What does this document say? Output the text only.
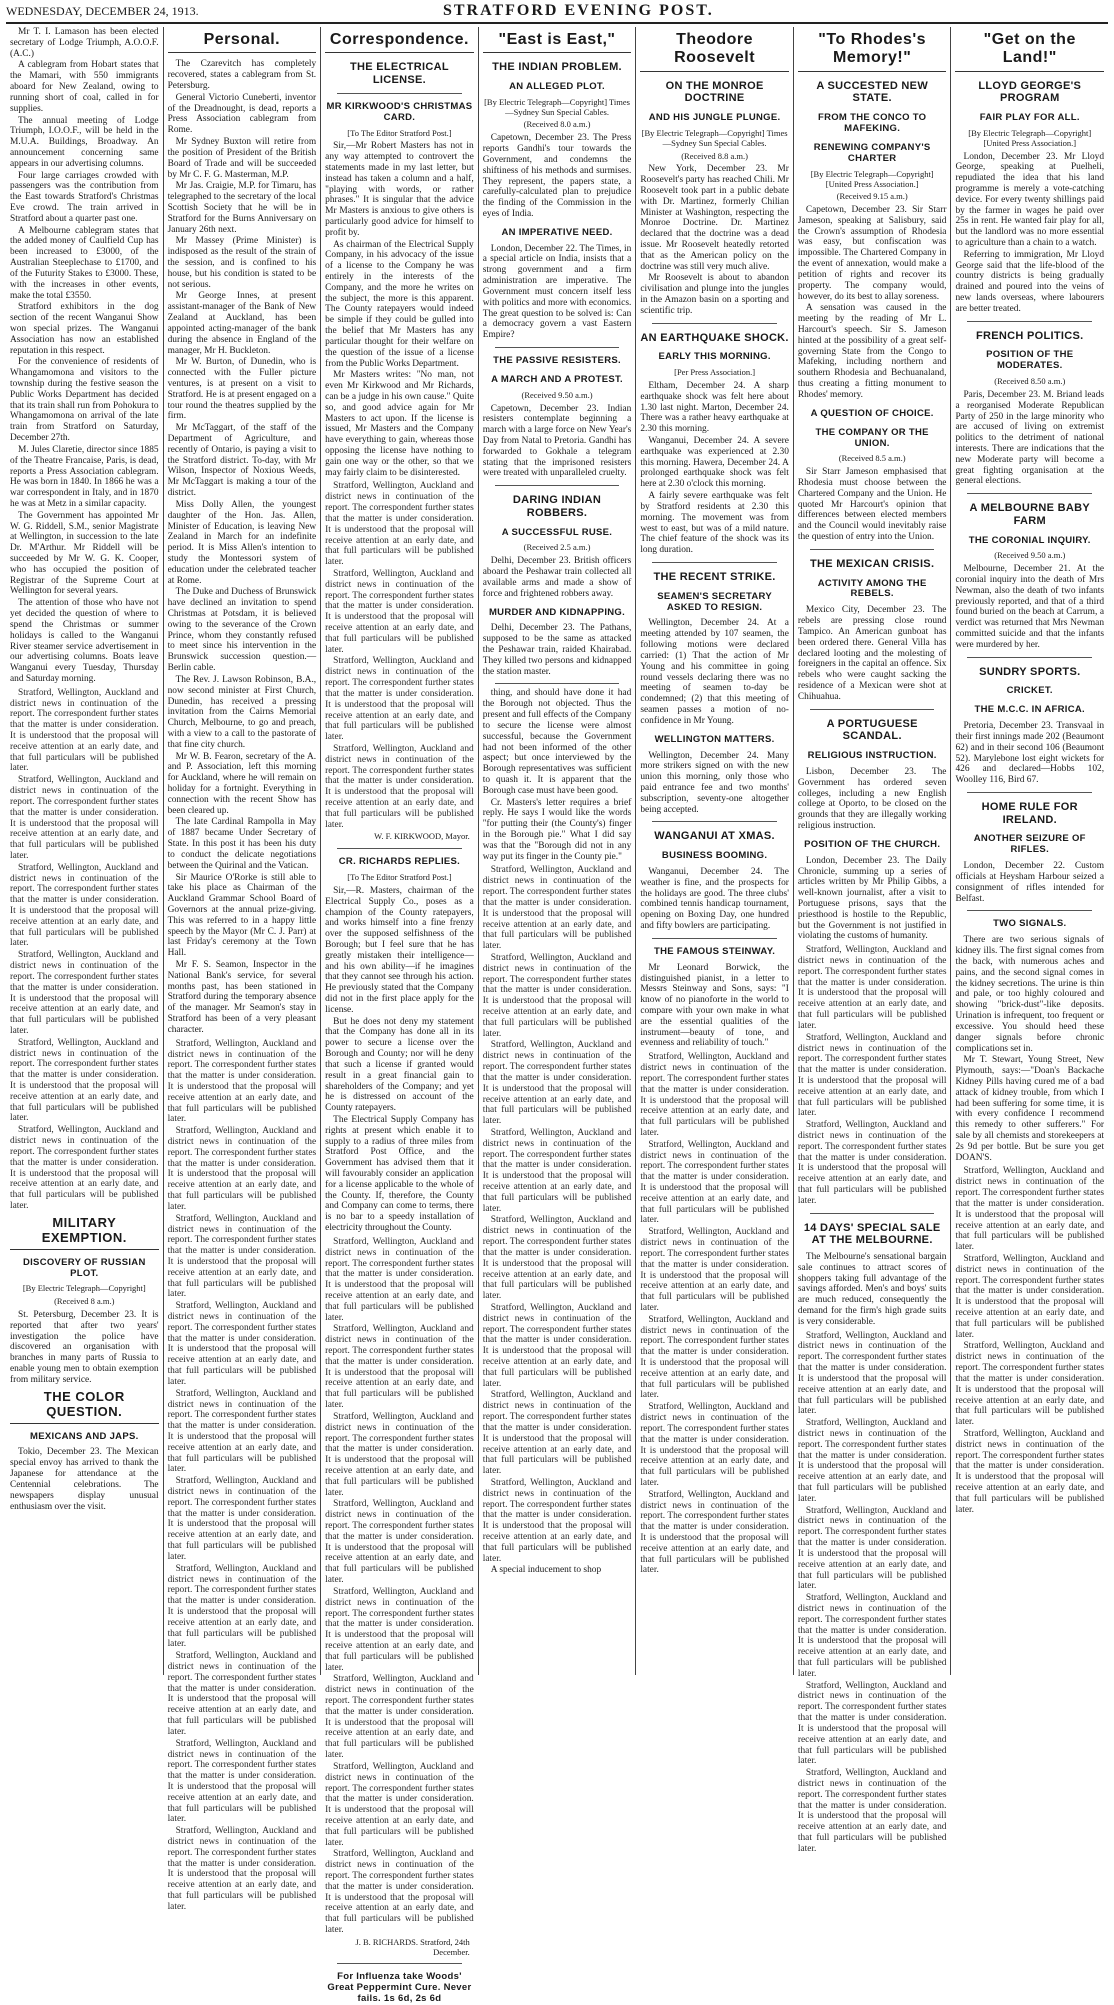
WEDNESDAY, DECEMBER 24, 1913.	STRATFORD EVENING POST.

Mr T. I. Lamason has been elected secretary of Lodge Triumph, A.O.O.F. (A.C.)

A cablegram from Hobart states that the Mamari, with 550 immigrants aboard for New Zealand, owing to running short of coal, called in for supplies.

The annual meeting of Lodge Triumph, I.O.O.F., will be held in the M.U.A. Buildings, Broadway. An announcement concerning same appears in our advertising columns.

Four large carriages crowded with passengers was the contribution from the East towards Stratford's Christmas Eve crowd. The train arrived in Stratford about a quarter past one.

A Melbourne cablegram states that the added money of Caulfield Cup has been increased to £3000, of the Australian Steeplechase to £1700, and of the Futurity Stakes to £3000. These, with the increases in other events, make the total £3550.

Stratford exhibitors in the dog section of the recent Wanganui Show won special prizes. The Wanganui Association has now an established reputation in this respect.

For the convenience of residents of Whangamomona and visitors to the township during the festive season the Public Works Department has decided that its train shall run from Pohokura to Whangamomona on arrival of the late train from Stratford on Saturday, December 27th.

M. Jules Claretie, director since 1885 of the Theatre Francaise, Paris, is dead, reports a Press Association cablegram. He was born in 1840. In 1866 he was a war correspondent in Italy, and in 1870 he was at Metz in a similar capacity.

The Government has appointed Mr W. G. Riddell, S.M., senior Magistrate at Wellington, in succession to the late Dr. M'Arthur. Mr Riddell will be succeeded by Mr W. G. K. Cooper, who has occupied the position of Registrar of the Supreme Court at Wellington for several years.

The attention of those who have not yet decided the question of where to spend the Christmas or summer holidays is called to the Wanganui River steamer service advertisement in our advertising columns. Boats leave Wanganui every Tuesday, Thursday and Saturday morning.

Stratford, Wellington, Auckland and district news in continuation of the report. The correspondent further states that the matter is under consideration. It is understood that the proposal will receive attention at an early date, and that full particulars will be published later.

Stratford, Wellington, Auckland and district news in continuation of the report. The correspondent further states that the matter is under consideration. It is understood that the proposal will receive attention at an early date, and that full particulars will be published later.

Stratford, Wellington, Auckland and district news in continuation of the report. The correspondent further states that the matter is under consideration. It is understood that the proposal will receive attention at an early date, and that full particulars will be published later.

Stratford, Wellington, Auckland and district news in continuation of the report. The correspondent further states that the matter is under consideration. It is understood that the proposal will receive attention at an early date, and that full particulars will be published later.

Stratford, Wellington, Auckland and district news in continuation of the report. The correspondent further states that the matter is under consideration. It is understood that the proposal will receive attention at an early date, and that full particulars will be published later.

Stratford, Wellington, Auckland and district news in continuation of the report. The correspondent further states that the matter is under consideration. It is understood that the proposal will receive attention at an early date, and that full particulars will be published later.

MILITARY EXEMPTION.
DISCOVERY OF RUSSIAN PLOT.
[By Electric Telegraph—Copyright]
(Received 8 a.m.)

St. Petersburg, December 23. It is reported that after two years' investigation the police have discovered an organisation with branches in many parts of Russia to enable young men to obtain exemption from military service.

THE COLOR QUESTION.
MEXICANS AND JAPS.

Tokio, December 23. The Mexican special envoy has arrived to thank the Japanese for attendance at the Centennial celebrations. The newspapers display unusual enthusiasm over the visit.

Personal.

The Czarevitch has completely recovered, states a cablegram from St. Petersburg.

General Victorio Cuneberti, inventor of the Dreadnought, is dead, reports a Press Association cablegram from Rome.

Mr Sydney Buxton will retire from the position of President of the British Board of Trade and will be succeeded by Mr C. F. G. Masterman, M.P.

Mr Jas. Craigie, M.P. for Timaru, has telegraphed to the secretary of the local Scottish Society that he will be in Stratford for the Burns Anniversary on January 26th next.

Mr Massey (Prime Minister) is indisposed as the result of the strain of the session, and is confined to his house, but his condition is stated to be not serious.

Mr George Innes, at present assistant-manager of the Bank of New Zealand at Auckland, has been appointed acting-manager of the bank during the absence in England of the manager, Mr H. Buckleton.

Mr W. Burton, of Dunedin, who is connected with the Fuller picture ventures, is at present on a visit to Stratford. He is at present engaged on a tour round the theatres supplied by the firm.

Mr McTaggart, of the staff of the Department of Agriculture, and recently of Ontario, is paying a visit to the Stratford district. To-day, with Mr Wilson, Inspector of Noxious Weeds, Mr McTaggart is making a tour of the district.

Miss Dolly Allen, the youngest daughter of the Hon. Jas. Allen, Minister of Education, is leaving New Zealand in March for an indefinite period. It is Miss Allen's intention to study the Montessori system of education under the celebrated teacher at Rome.

The Duke and Duchess of Brunswick have declined an invitation to spend Christmas at Potsdam, it is believed owing to the severance of the Crown Prince, whom they constantly refused to meet since his intervention in the Brunswick succession question.—Berlin cable.

The Rev. J. Lawson Robinson, B.A., now second minister at First Church, Dunedin, has received a pressing invitation from the Cairns Memorial Church, Melbourne, to go and preach, with a view to a call to the pastorate of that fine city church.

Mr W. B. Fearon, secretary of the A. and P. Association, left this morning for Auckland, where he will remain on holiday for a fortnight. Everything in connection with the recent Show has been cleared up.

The late Cardinal Rampolla in May of 1887 became Under Secretary of State. In this post it has been his duty to conduct the delicate negotiations between the Quirinal and the Vatican.

Sir Maurice O'Rorke is still able to take his place as Chairman of the Auckland Grammar School Board of Governors at the annual prize-giving. This was referred to in a happy little speech by the Mayor (Mr C. J. Parr) at last Friday's ceremony at the Town Hall.

Mr F. S. Seamon, Inspector in the National Bank's service, for several months past, has been stationed in Stratford during the temporary absence of the manager. Mr Seamon's stay in Stratford has been of a very pleasant character.

Stratford, Wellington, Auckland and district news in continuation of the report. The correspondent further states that the matter is under consideration. It is understood that the proposal will receive attention at an early date, and that full particulars will be published later.

Stratford, Wellington, Auckland and district news in continuation of the report. The correspondent further states that the matter is under consideration. It is understood that the proposal will receive attention at an early date, and that full particulars will be published later.

Stratford, Wellington, Auckland and district news in continuation of the report. The correspondent further states that the matter is under consideration. It is understood that the proposal will receive attention at an early date, and that full particulars will be published later.

Stratford, Wellington, Auckland and district news in continuation of the report. The correspondent further states that the matter is under consideration. It is understood that the proposal will receive attention at an early date, and that full particulars will be published later.

Stratford, Wellington, Auckland and district news in continuation of the report. The correspondent further states that the matter is under consideration. It is understood that the proposal will receive attention at an early date, and that full particulars will be published later.

Stratford, Wellington, Auckland and district news in continuation of the report. The correspondent further states that the matter is under consideration. It is understood that the proposal will receive attention at an early date, and that full particulars will be published later.

Stratford, Wellington, Auckland and district news in continuation of the report. The correspondent further states that the matter is under consideration. It is understood that the proposal will receive attention at an early date, and that full particulars will be published later.

Stratford, Wellington, Auckland and district news in continuation of the report. The correspondent further states that the matter is under consideration. It is understood that the proposal will receive attention at an early date, and that full particulars will be published later.

Stratford, Wellington, Auckland and district news in continuation of the report. The correspondent further states that the matter is under consideration. It is understood that the proposal will receive attention at an early date, and that full particulars will be published later.

Stratford, Wellington, Auckland and district news in continuation of the report. The correspondent further states that the matter is under consideration. It is understood that the proposal will receive attention at an early date, and that full particulars will be published later.

Correspondence.
THE ELECTRICAL LICENSE.
MR KIRKWOOD'S CHRISTMAS CARD.
[To The Editor Stratford Post.]

Sir,—Mr Robert Masters has not in any way attempted to controvert the statements made in my last letter, but instead has taken a column and a half, "playing with words, or rather phrases." It is singular that the advice Mr Masters is anxious to give others is particularly good advice for himself to profit by.

As chairman of the Electrical Supply Company, in his advocacy of the issue of a license to the Company he was entirely in the interests of the Company, and the more he writes on the subject, the more is this apparent. The County ratepayers would indeed be simple if they could be gulled into the belief that Mr Masters has any particular thought for their welfare on the question of the issue of a license from the Public Works Department.

Mr Masters writes: "No man, not even Mr Kirkwood and Mr Richards, can be a judge in his own cause." Quite so, and good advice again for Mr Masters to act upon. If the license is issued, Mr Masters and the Company have everything to gain, whereas those opposing the license have nothing to gain one way or the other, so that we may fairly claim to be disinterested.

Stratford, Wellington, Auckland and district news in continuation of the report. The correspondent further states that the matter is under consideration. It is understood that the proposal will receive attention at an early date, and that full particulars will be published later.

Stratford, Wellington, Auckland and district news in continuation of the report. The correspondent further states that the matter is under consideration. It is understood that the proposal will receive attention at an early date, and that full particulars will be published later.

Stratford, Wellington, Auckland and district news in continuation of the report. The correspondent further states that the matter is under consideration. It is understood that the proposal will receive attention at an early date, and that full particulars will be published later.

Stratford, Wellington, Auckland and district news in continuation of the report. The correspondent further states that the matter is under consideration. It is understood that the proposal will receive attention at an early date, and that full particulars will be published later.

W. F. KIRKWOOD, Mayor.
CR. RICHARDS REPLIES.
[To The Editor Stratford Post.]

Sir,—R. Masters, chairman of the Electrical Supply Co., poses as a champion of the County ratepayers, and works himself into a fine frenzy over the supposed selfishness of the Borough; but I feel sure that he has greatly mistaken their intelligence—and his own ability—if he imagines that they cannot see through his action. He previously stated that the Company did not in the first place apply for the license.

But he does not deny my statement that the Company has done all in its power to secure a license over the Borough and County; nor will he deny that such a license if granted would result in a great financial gain to shareholders of the Company; and yet he is distressed on account of the County ratepayers.

The Electrical Supply Company has rights at present which enable it to supply to a radius of three miles from Stratford Post Office, and the Government has advised them that it will favourably consider an application for a license applicable to the whole of the County. If, therefore, the County and Company can come to terms, there is no bar to a speedy installation of electricity throughout the County.

Stratford, Wellington, Auckland and district news in continuation of the report. The correspondent further states that the matter is under consideration. It is understood that the proposal will receive attention at an early date, and that full particulars will be published later.

Stratford, Wellington, Auckland and district news in continuation of the report. The correspondent further states that the matter is under consideration. It is understood that the proposal will receive attention at an early date, and that full particulars will be published later.

Stratford, Wellington, Auckland and district news in continuation of the report. The correspondent further states that the matter is under consideration. It is understood that the proposal will receive attention at an early date, and that full particulars will be published later.

Stratford, Wellington, Auckland and district news in continuation of the report. The correspondent further states that the matter is under consideration. It is understood that the proposal will receive attention at an early date, and that full particulars will be published later.

Stratford, Wellington, Auckland and district news in continuation of the report. The correspondent further states that the matter is under consideration. It is understood that the proposal will receive attention at an early date, and that full particulars will be published later.

Stratford, Wellington, Auckland and district news in continuation of the report. The correspondent further states that the matter is under consideration. It is understood that the proposal will receive attention at an early date, and that full particulars will be published later.

Stratford, Wellington, Auckland and district news in continuation of the report. The correspondent further states that the matter is under consideration. It is understood that the proposal will receive attention at an early date, and that full particulars will be published later.

Stratford, Wellington, Auckland and district news in continuation of the report. The correspondent further states that the matter is under consideration. It is understood that the proposal will receive attention at an early date, and that full particulars will be published later.

J. B. RICHARDS. Stratford, 24th December.
For Influenza take Woods' Great Peppermint Cure. Never fails. 1s 6d, 2s 6d
"East is East,"
THE INDIAN PROBLEM.
AN ALLEGED PLOT.
[By Electric Telegraph—Copyright] Times—Sydney Sun Special Cables.
(Received 8.0 a.m.)

Capetown, December 23. The Press reports Gandhi's tour towards the Government, and condemns the shiftiness of his methods and surmises. They represent, the papers state, a carefully-calculated plan to prejudice the finding of the Commission in the eyes of India.

AN IMPERATIVE NEED.

London, December 22. The Times, in a special article on India, insists that a strong government and a firm administration are imperative. The Government must concern itself less with politics and more with economics. The great question to be solved is: Can a democracy govern a vast Eastern Empire?

THE PASSIVE RESISTERS.
A MARCH AND A PROTEST.
(Received 9.50 a.m.)

Capetown, December 23. Indian resisters contemplate beginning a march with a large force on New Year's Day from Natal to Pretoria. Gandhi has forwarded to Gokhale a telegram stating that the imprisoned resisters were treated with unparalleled cruelty.

DARING INDIAN ROBBERS.
A SUCCESSFUL RUSE.
(Received 2.5 a.m.)

Delhi, December 23. British officers aboard the Peshawar train collected all available arms and made a show of force and frightened robbers away.

MURDER AND KIDNAPPING.

Delhi, December 23. The Pathans, supposed to be the same as attacked the Peshawar train, raided Khairabad. They killed two persons and kidnapped the station master.

thing, and should have done it had the Borough not objected. Thus the present and full effects of the Company to secure the license were almost successful, because the Government had not been informed of the other aspect; but once interviewed by the Borough representatives was sufficient to quash it. It is apparent that the Borough case must have been good.

Cr. Masters's letter requires a brief reply. He says I would like the words "for putting their (the County's) finger in the Borough pie." What I did say was that the "Borough did not in any way put its finger in the County pie."

Stratford, Wellington, Auckland and district news in continuation of the report. The correspondent further states that the matter is under consideration. It is understood that the proposal will receive attention at an early date, and that full particulars will be published later.

Stratford, Wellington, Auckland and district news in continuation of the report. The correspondent further states that the matter is under consideration. It is understood that the proposal will receive attention at an early date, and that full particulars will be published later.

Stratford, Wellington, Auckland and district news in continuation of the report. The correspondent further states that the matter is under consideration. It is understood that the proposal will receive attention at an early date, and that full particulars will be published later.

Stratford, Wellington, Auckland and district news in continuation of the report. The correspondent further states that the matter is under consideration. It is understood that the proposal will receive attention at an early date, and that full particulars will be published later.

Stratford, Wellington, Auckland and district news in continuation of the report. The correspondent further states that the matter is under consideration. It is understood that the proposal will receive attention at an early date, and that full particulars will be published later.

Stratford, Wellington, Auckland and district news in continuation of the report. The correspondent further states that the matter is under consideration. It is understood that the proposal will receive attention at an early date, and that full particulars will be published later.

Stratford, Wellington, Auckland and district news in continuation of the report. The correspondent further states that the matter is under consideration. It is understood that the proposal will receive attention at an early date, and that full particulars will be published later.

Stratford, Wellington, Auckland and district news in continuation of the report. The correspondent further states that the matter is under consideration. It is understood that the proposal will receive attention at an early date, and that full particulars will be published later.

A special inducement to shop

Theodore Roosevelt
ON THE MONROE DOCTRINE
AND HIS JUNGLE PLUNGE.
[By Electric Telegraph—Copyright] Times—Sydney Sun Special Cables.
(Received 8.8 a.m.)

New York, December 23. Mr Roosevelt's party has reached Chili. Mr Roosevelt took part in a public debate with Dr. Martinez, formerly Chilian Minister at Washington, respecting the Monroe Doctrine. Dr. Martinez declared that the doctrine was a dead issue. Mr Roosevelt heatedly retorted that as the American policy on the doctrine was still very much alive.

Mr Roosevelt is about to abandon civilisation and plunge into the jungles in the Amazon basin on a sporting and scientific trip.

AN EARTHQUAKE SHOCK.
EARLY THIS MORNING.
[Per Press Association.]

Eltham, December 24. A sharp earthquake shock was felt here about 1.30 last night. Marton, December 24. There was a rather heavy earthquake at 2.30 this morning.

Wanganui, December 24. A severe earthquake was experienced at 2.30 this morning. Hawera, December 24. A prolonged earthquake shock was felt here at 2.30 o'clock this morning.

A fairly severe earthquake was felt by Stratford residents at 2.30 this morning. The movement was from west to east, but was of a mild nature. The chief feature of the shock was its long duration.

THE RECENT STRIKE.
SEAMEN'S SECRETARY ASKED TO RESIGN.

Wellington, December 24. At a meeting attended by 107 seamen, the following motions were declared carried: (1) That the action of Mr Young and his committee in going round vessels declaring there was no meeting of seamen to-day be condemned; (2) that this meeting of seamen passes a motion of no-confidence in Mr Young.

WELLINGTON MATTERS.

Wellington, December 24. Many more strikers signed on with the new union this morning, only those who paid entrance fee and two months' subscription, seventy-one altogether being accepted.

WANGANUI AT XMAS.
BUSINESS BOOMING.

Wanganui, December 24. The weather is fine, and the prospects for the holidays are good. The three clubs' combined tennis handicap tournament, opening on Boxing Day, one hundred and fifty bowlers are participating.

THE FAMOUS STEINWAY.

Mr Leonard Borwick, the distinguished pianist, in a letter to Messrs Steinway and Sons, says: "I know of no pianoforte in the world to compare with your own make in what are the essential qualities of the instrument—beauty of tone, and evenness and reliability of touch."

Stratford, Wellington, Auckland and district news in continuation of the report. The correspondent further states that the matter is under consideration. It is understood that the proposal will receive attention at an early date, and that full particulars will be published later.

Stratford, Wellington, Auckland and district news in continuation of the report. The correspondent further states that the matter is under consideration. It is understood that the proposal will receive attention at an early date, and that full particulars will be published later.

Stratford, Wellington, Auckland and district news in continuation of the report. The correspondent further states that the matter is under consideration. It is understood that the proposal will receive attention at an early date, and that full particulars will be published later.

Stratford, Wellington, Auckland and district news in continuation of the report. The correspondent further states that the matter is under consideration. It is understood that the proposal will receive attention at an early date, and that full particulars will be published later.

Stratford, Wellington, Auckland and district news in continuation of the report. The correspondent further states that the matter is under consideration. It is understood that the proposal will receive attention at an early date, and that full particulars will be published later.

Stratford, Wellington, Auckland and district news in continuation of the report. The correspondent further states that the matter is under consideration. It is understood that the proposal will receive attention at an early date, and that full particulars will be published later.

"To Rhodes's Memory!"
A SUCCESTED NEW STATE.
FROM THE CONCO TO MAFEKING.
RENEWING COMPANY'S CHARTER
[By Electric Telegraph—Copyright] [United Press Association.]
(Received 9.15 a.m.)

Capetown, December 23. Sir Starr Jameson, speaking at Salisbury, said the Crown's assumption of Rhodesia was easy, but confiscation was impossible. The Chartered Company in the event of annexation, would make a petition of rights and recover its property. The company would, however, do its best to allay soreness.

A sensation was caused in the meeting by the reading of Mr L. Harcourt's speech. Sir S. Jameson hinted at the possibility of a great self-governing State from the Congo to Mafeking, including northern and southern Rhodesia and Bechuanaland, thus creating a fitting monument to Rhodes' memory.

A QUESTION OF CHOICE.
THE COMPANY OR THE UNION.
(Received 8.5 a.m.)

Sir Starr Jameson emphasised that Rhodesia must choose between the Chartered Company and the Union. He quoted Mr Harcourt's opinion that differences between elected members and the Council would inevitably raise the question of entry into the Union.

THE MEXICAN CRISIS.
ACTIVITY AMONG THE REBELS.

Mexico City, December 23. The rebels are pressing close round Tampico. An American gunboat has been ordered there. General Villa has declared looting and the molesting of foreigners in the capital an offence. Six rebels who were caught sacking the residence of a Mexican were shot at Chihuahua.

A PORTUGUESE SCANDAL.
RELIGIOUS INSTRUCTION.

Lisbon, December 23. The Government has ordered seven colleges, including a new English college at Oporto, to be closed on the grounds that they are illegally working religious instruction.

POSITION OF THE CHURCH.

London, December 23. The Daily Chronicle, summing up a series of articles written by Mr Philip Gibbs, a well-known journalist, after a visit to Portuguese prisons, says that the priesthood is hostile to the Republic, but the Government is not justified in violating the customs of humanity.

Stratford, Wellington, Auckland and district news in continuation of the report. The correspondent further states that the matter is under consideration. It is understood that the proposal will receive attention at an early date, and that full particulars will be published later.

Stratford, Wellington, Auckland and district news in continuation of the report. The correspondent further states that the matter is under consideration. It is understood that the proposal will receive attention at an early date, and that full particulars will be published later.

Stratford, Wellington, Auckland and district news in continuation of the report. The correspondent further states that the matter is under consideration. It is understood that the proposal will receive attention at an early date, and that full particulars will be published later.

14 DAYS' SPECIAL SALE AT THE MELBOURNE.

The Melbourne's sensational bargain sale continues to attract scores of shoppers taking full advantage of the savings afforded. Men's and boys' suits are much reduced, consequently the demand for the firm's high grade suits is very considerable.

Stratford, Wellington, Auckland and district news in continuation of the report. The correspondent further states that the matter is under consideration. It is understood that the proposal will receive attention at an early date, and that full particulars will be published later.

Stratford, Wellington, Auckland and district news in continuation of the report. The correspondent further states that the matter is under consideration. It is understood that the proposal will receive attention at an early date, and that full particulars will be published later.

Stratford, Wellington, Auckland and district news in continuation of the report. The correspondent further states that the matter is under consideration. It is understood that the proposal will receive attention at an early date, and that full particulars will be published later.

Stratford, Wellington, Auckland and district news in continuation of the report. The correspondent further states that the matter is under consideration. It is understood that the proposal will receive attention at an early date, and that full particulars will be published later.

Stratford, Wellington, Auckland and district news in continuation of the report. The correspondent further states that the matter is under consideration. It is understood that the proposal will receive attention at an early date, and that full particulars will be published later.

Stratford, Wellington, Auckland and district news in continuation of the report. The correspondent further states that the matter is under consideration. It is understood that the proposal will receive attention at an early date, and that full particulars will be published later.

"Get on the Land!"
LLOYD GEORGE'S PROGRAM
FAIR PLAY FOR ALL.
[By Electric Telegraph—Copyright] [United Press Association.]

London, December 23. Mr Lloyd George, speaking at Puelheli, repudiated the idea that his land programme is merely a vote-catching device. For every twenty shillings paid by the farmer in wages he paid over 25s in rent. He wanted fair play for all, but the landlord was no more essential to agriculture than a chain to a watch.

Referring to immigration, Mr Lloyd George said that the life-blood of the country districts is being gradually drained and poured into the veins of new lands overseas, where labourers are better treated.

FRENCH POLITICS.
POSITION OF THE MODERATES.
(Received 8.50 a.m.)

Paris, December 23. M. Briand leads a reorganised Moderate Republican Party of 250 in the large minority who are accused of living on extremist politics to the detriment of national interests. There are indications that the new Moderate party will become a great fighting organisation at the general elections.

A MELBOURNE BABY FARM
THE CORONIAL INQUIRY.
(Received 9.50 a.m.)

Melbourne, December 21. At the coronial inquiry into the death of Mrs Newman, also the death of two infants previously reported, and that of a third found buried on the beach at Carrum, a verdict was returned that Mrs Newman committed suicide and that the infants were murdered by her.

SUNDRY SPORTS.
CRICKET.
THE M.C.C. IN AFRICA.

Pretoria, December 23. Transvaal in their first innings made 202 (Beaumont 62) and in their second 106 (Beaumont 52). Marylebone lost eight wickets for 426 and declared—Hobbs 102, Woolley 116, Bird 67.

HOME RULE FOR IRELAND.
ANOTHER SEIZURE OF RIFLES.

London, December 22. Custom officials at Heysham Harbour seized a consignment of rifles intended for Belfast.

TWO SIGNALS.

There are two serious signals of kidney ills. The first signal comes from the back, with numerous aches and pains, and the second signal comes in the kidney secretions. The urine is thin and pale, or too highly coloured and showing "brick-dust"-like deposits. Urination is infrequent, too frequent or excessive. You should heed these danger signals before chronic complications set in.

Mr T. Stewart, Young Street, New Plymouth, says:—"Doan's Backache Kidney Pills having cured me of a bad attack of kidney trouble, from which I had been suffering for some time, it is with every confidence I recommend this remedy to other sufferers." For sale by all chemists and storekeepers at 2s 9d per bottle. But be sure you get DOAN'S.

Stratford, Wellington, Auckland and district news in continuation of the report. The correspondent further states that the matter is under consideration. It is understood that the proposal will receive attention at an early date, and that full particulars will be published later.

Stratford, Wellington, Auckland and district news in continuation of the report. The correspondent further states that the matter is under consideration. It is understood that the proposal will receive attention at an early date, and that full particulars will be published later.

Stratford, Wellington, Auckland and district news in continuation of the report. The correspondent further states that the matter is under consideration. It is understood that the proposal will receive attention at an early date, and that full particulars will be published later.

Stratford, Wellington, Auckland and district news in continuation of the report. The correspondent further states that the matter is under consideration. It is understood that the proposal will receive attention at an early date, and that full particulars will be published later.
